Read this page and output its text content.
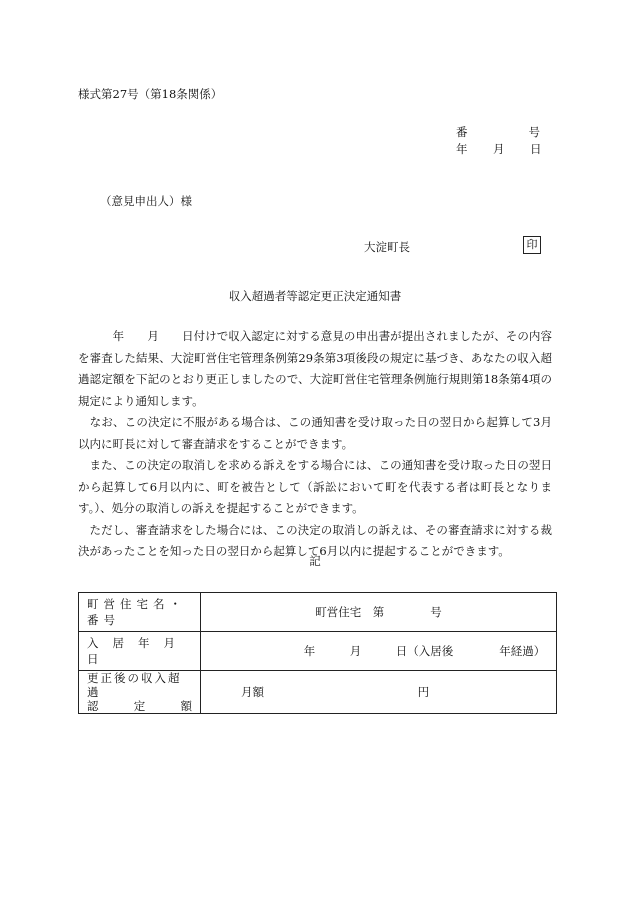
様式第27号（第18条関係）
番	号
年 月 日
（意見申出人）様
大淀町長	印
収入超過者等認定更正決定通知書

　　　年　　月　　日付けで収入認定に対する意見の申出書が提出されましたが、その内容を審査した結果、大淀町営住宅管理条例第29条第3項後段の規定に基づき、あなたの収入超過認定額を下記のとおり更正しましたので、大淀町営住宅管理条例施行規則第18条第4項の規定により通知します。

　なお、この決定に不服がある場合は、この通知書を受け取った日の翌日から起算して3月以内に町長に対して審査請求をすることができます。

　また、この決定の取消しを求める訴えをする場合には、この通知書を受け取った日の翌日から起算して6月以内に、町を被告として（訴訟において町を代表する者は町長となります。）、処分の取消しの訴えを提起することができます。

　ただし、審査請求をした場合には、この決定の取消しの訴えは、その審査請求に対する裁決があったことを知った日の翌日から起算して6月以内に提起することができます。

記
町営住宅名・番号	町営住宅　第　　　　号
入居年月日	年　　　月　　　日（入居後　　　　年経過）

更正後の収入超過
認 定 額	月額 円
